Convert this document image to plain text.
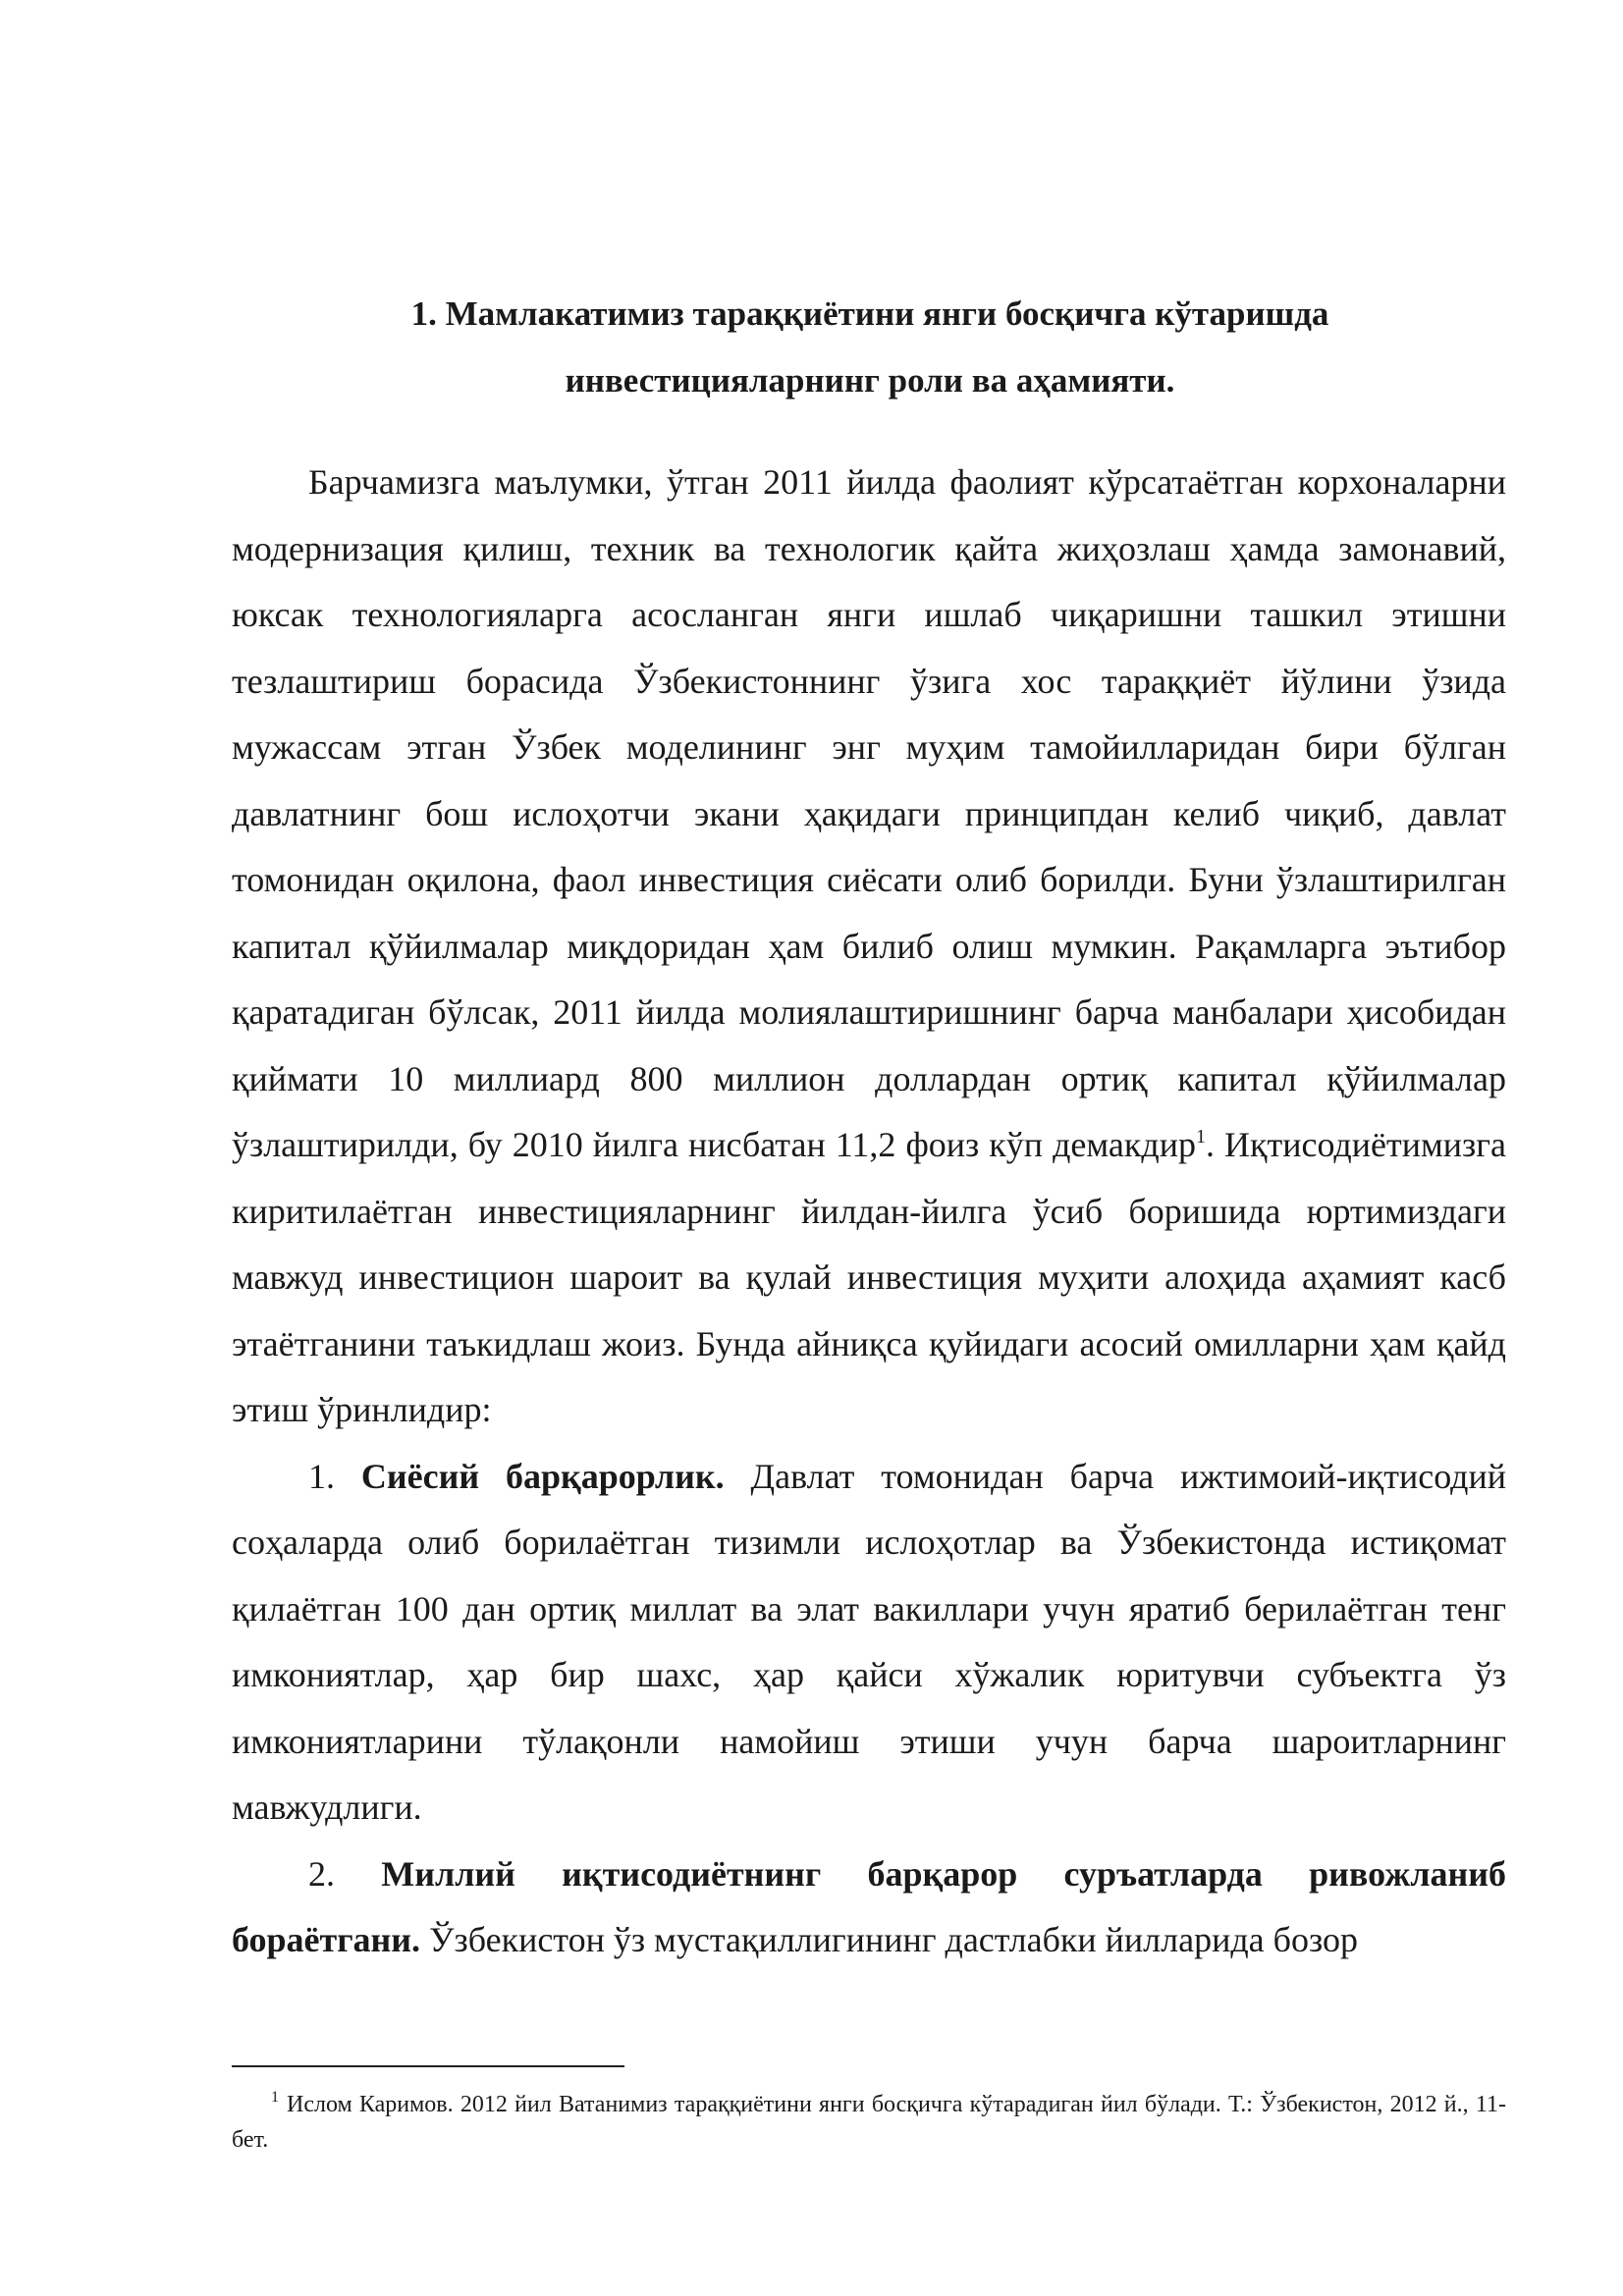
1. Мамлакатимиз тараққиётини янги босқичга кўтаришда
инвестицияларнинг роли ва аҳамияти.

Барчамизга маълумки, ўтган 2011 йилда фаолият кўрсатаётган корхоналарни модернизация қилиш, техник ва технологик қайта жиҳозлаш ҳамда замонавий, юксак технологияларга асосланган янги ишлаб чиқаришни ташкил этишни тезлаштириш борасида Ўзбекистоннинг ўзига хос тараққиёт йўлини ўзида мужассам этган Ўзбек моделининг энг муҳим тамойилларидан бири бўлган давлатнинг бош ислоҳотчи экани ҳақидаги принципдан келиб чиқиб, давлат томонидан оқилона, фаол инвестиция сиёсати олиб борилди. Буни ўзлаштирилган капитал қўйилмалар миқдоридан ҳам билиб олиш мумкин. Рақамларга эътибор қаратадиган бўлсак, 2011 йилда молиялаштиришнинг барча манбалари ҳисобидан қиймати 10 миллиард 800 миллион доллардан ортиқ капитал қўйилмалар ўзлаштирилди, бу 2010 йилга нисбатан 11,2 фоиз кўп демакдир$^1$. Иқтисодиётимизга киритилаётган инвестицияларнинг йилдан-йилга ўсиб боришида юртимиздаги мавжуд инвестицион шароит ва қулай инвестиция муҳити алоҳида аҳамият касб этаётганини таъкидлаш жоиз. Бунда айниқса қуйидаги асосий омилларни ҳам қайд этиш ўринлидир:

1. Сиёсий барқарорлик. Давлат томонидан барча ижтимоий-иқтисодий соҳаларда олиб борилаётган тизимли ислоҳотлар ва Ўзбекистонда истиқомат қилаётган 100 дан ортиқ миллат ва элат вакиллари учун яратиб берилаётган тенг имкониятлар, ҳар бир шахс, ҳар қайси хўжалик юритувчи субъектга ўз имкониятларини тўлақонли намойиш этиши учун барча шароитларнинг мавжудлиги.

2. Миллий иқтисодиётнинг барқарор суръатларда ривожланиб бораётгани. Ўзбекистон ўз мустақиллигининг дастлабки йилларида бозор

$^1$ Ислом Каримов. 2012 йил Ватанимиз тараққиётини янги босқичга кўтарадиган йил бўлади. Т.: Ўзбекистон, 2012 й., 11-бет.
